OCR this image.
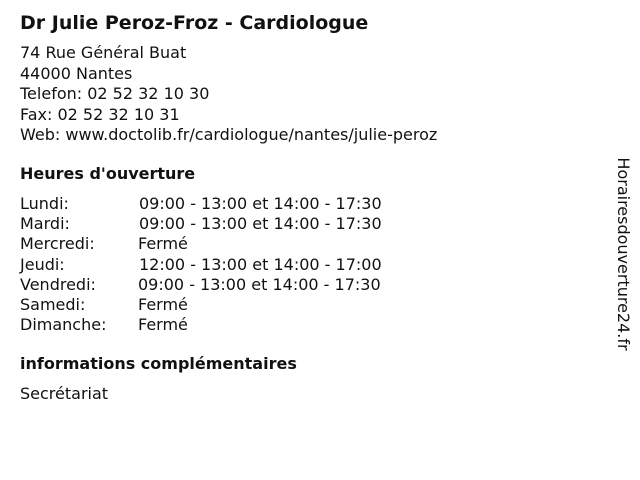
Dr Julie Peroz-Froz - Cardiologue
74 Rue Général Buat
44000 Nantes
Telefon: 02 52 32 10 30
Fax: 02 52 32 10 31
Web: www.doctolib.fr/cardiologue/nantes/julie-peroz
Heures d'ouverture
Lundi:	09:00 - 13:00 et 14:00 - 17:30
Mardi:	09:00 - 13:00 et 14:00 - 17:30
Mercredi:	Fermé
Jeudi:	12:00 - 13:00 et 14:00 - 17:00
Vendredi:	09:00 - 13:00 et 14:00 - 17:30
Samedi:	Fermé
Dimanche: Fermé
informations complémentaires
Secrétariat
Horairesdouverture24.fr
